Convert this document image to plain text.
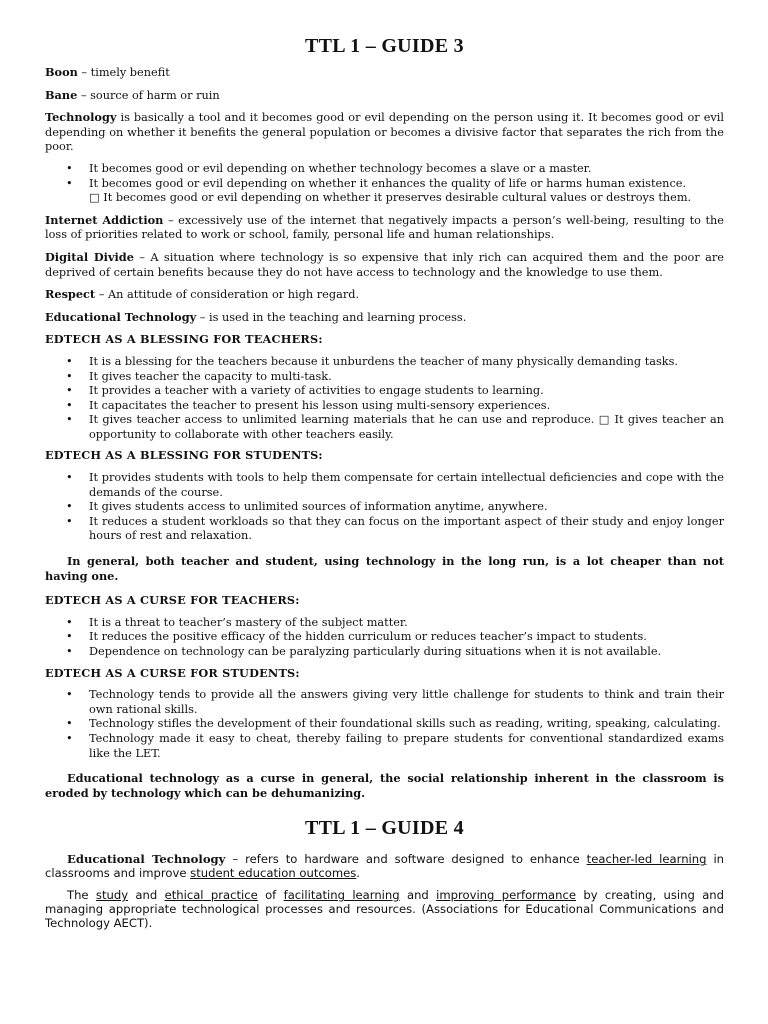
TTL 1 – GUIDE 3

Boon – timely benefit

Bane – source of harm or ruin

Technology is basically a tool and it becomes good or evil depending on the person using it. It becomes good or evil depending on whether it benefits the general population or becomes a divisive factor that separates the rich from the poor.

• It becomes good or evil depending on whether technology becomes a slave or a master.
• It becomes good or evil depending on whether it enhances the quality of life or harms human existence.

□ It becomes good or evil depending on whether it preserves desirable cultural values or destroys them.

Internet Addiction – excessively use of the internet that negatively impacts a person’s well-being, resulting to the loss of priorities related to work or school, family, personal life and human relationships.

Digital Divide – A situation where technology is so expensive that inly rich can acquired them and the poor are deprived of certain benefits because they do not have access to technology and the knowledge to use them.

Respect – An attitude of consideration or high regard.

Educational Technology – is used in the teaching and learning process.

EDTECH AS A BLESSING FOR TEACHERS:

• It is a blessing for the teachers because it unburdens the teacher of many physically demanding tasks.
• It gives teacher the capacity to multi-task.
• It provides a teacher with a variety of activities to engage students to learning.
• It capacitates the teacher to present his lesson using multi-sensory experiences.
• It gives teacher access to unlimited learning materials that he can use and reproduce. □ It gives teacher an opportunity to collaborate with other teachers easily.

EDTECH AS A BLESSING FOR STUDENTS:

• It provides students with tools to help them compensate for certain intellectual deficiencies and cope with the demands of the course.
• It gives students access to unlimited sources of information anytime, anywhere.
• It reduces a student workloads so that they can focus on the important aspect of their study and enjoy longer hours of rest and relaxation.

In general, both teacher and student, using technology in the long run, is a lot cheaper than not having one.

EDTECH AS A CURSE FOR TEACHERS:

• It is a threat to teacher’s mastery of the subject matter.
• It reduces the positive efficacy of the hidden curriculum or reduces teacher’s impact to students.
• Dependence on technology can be paralyzing particularly during situations when it is not available.

EDTECH AS A CURSE FOR STUDENTS:

• Technology tends to provide all the answers giving very little challenge for students to think and train their own rational skills.
• Technology stifles the development of their foundational skills such as reading, writing, speaking, calculating.
• Technology made it easy to cheat, thereby failing to prepare students for conventional standardized exams like the LET.

Educational technology as a curse in general, the social relationship inherent in the classroom is eroded by technology which can be dehumanizing.

TTL 1 – GUIDE 4

Educational Technology – refers to hardware and software designed to enhance teacher-led learning in classrooms and improve student education outcomes.

The study and ethical practice of facilitating learning and improving performance by creating, using and managing appropriate technological processes and resources. (Associations for Educational Communications and Technology AECT).
